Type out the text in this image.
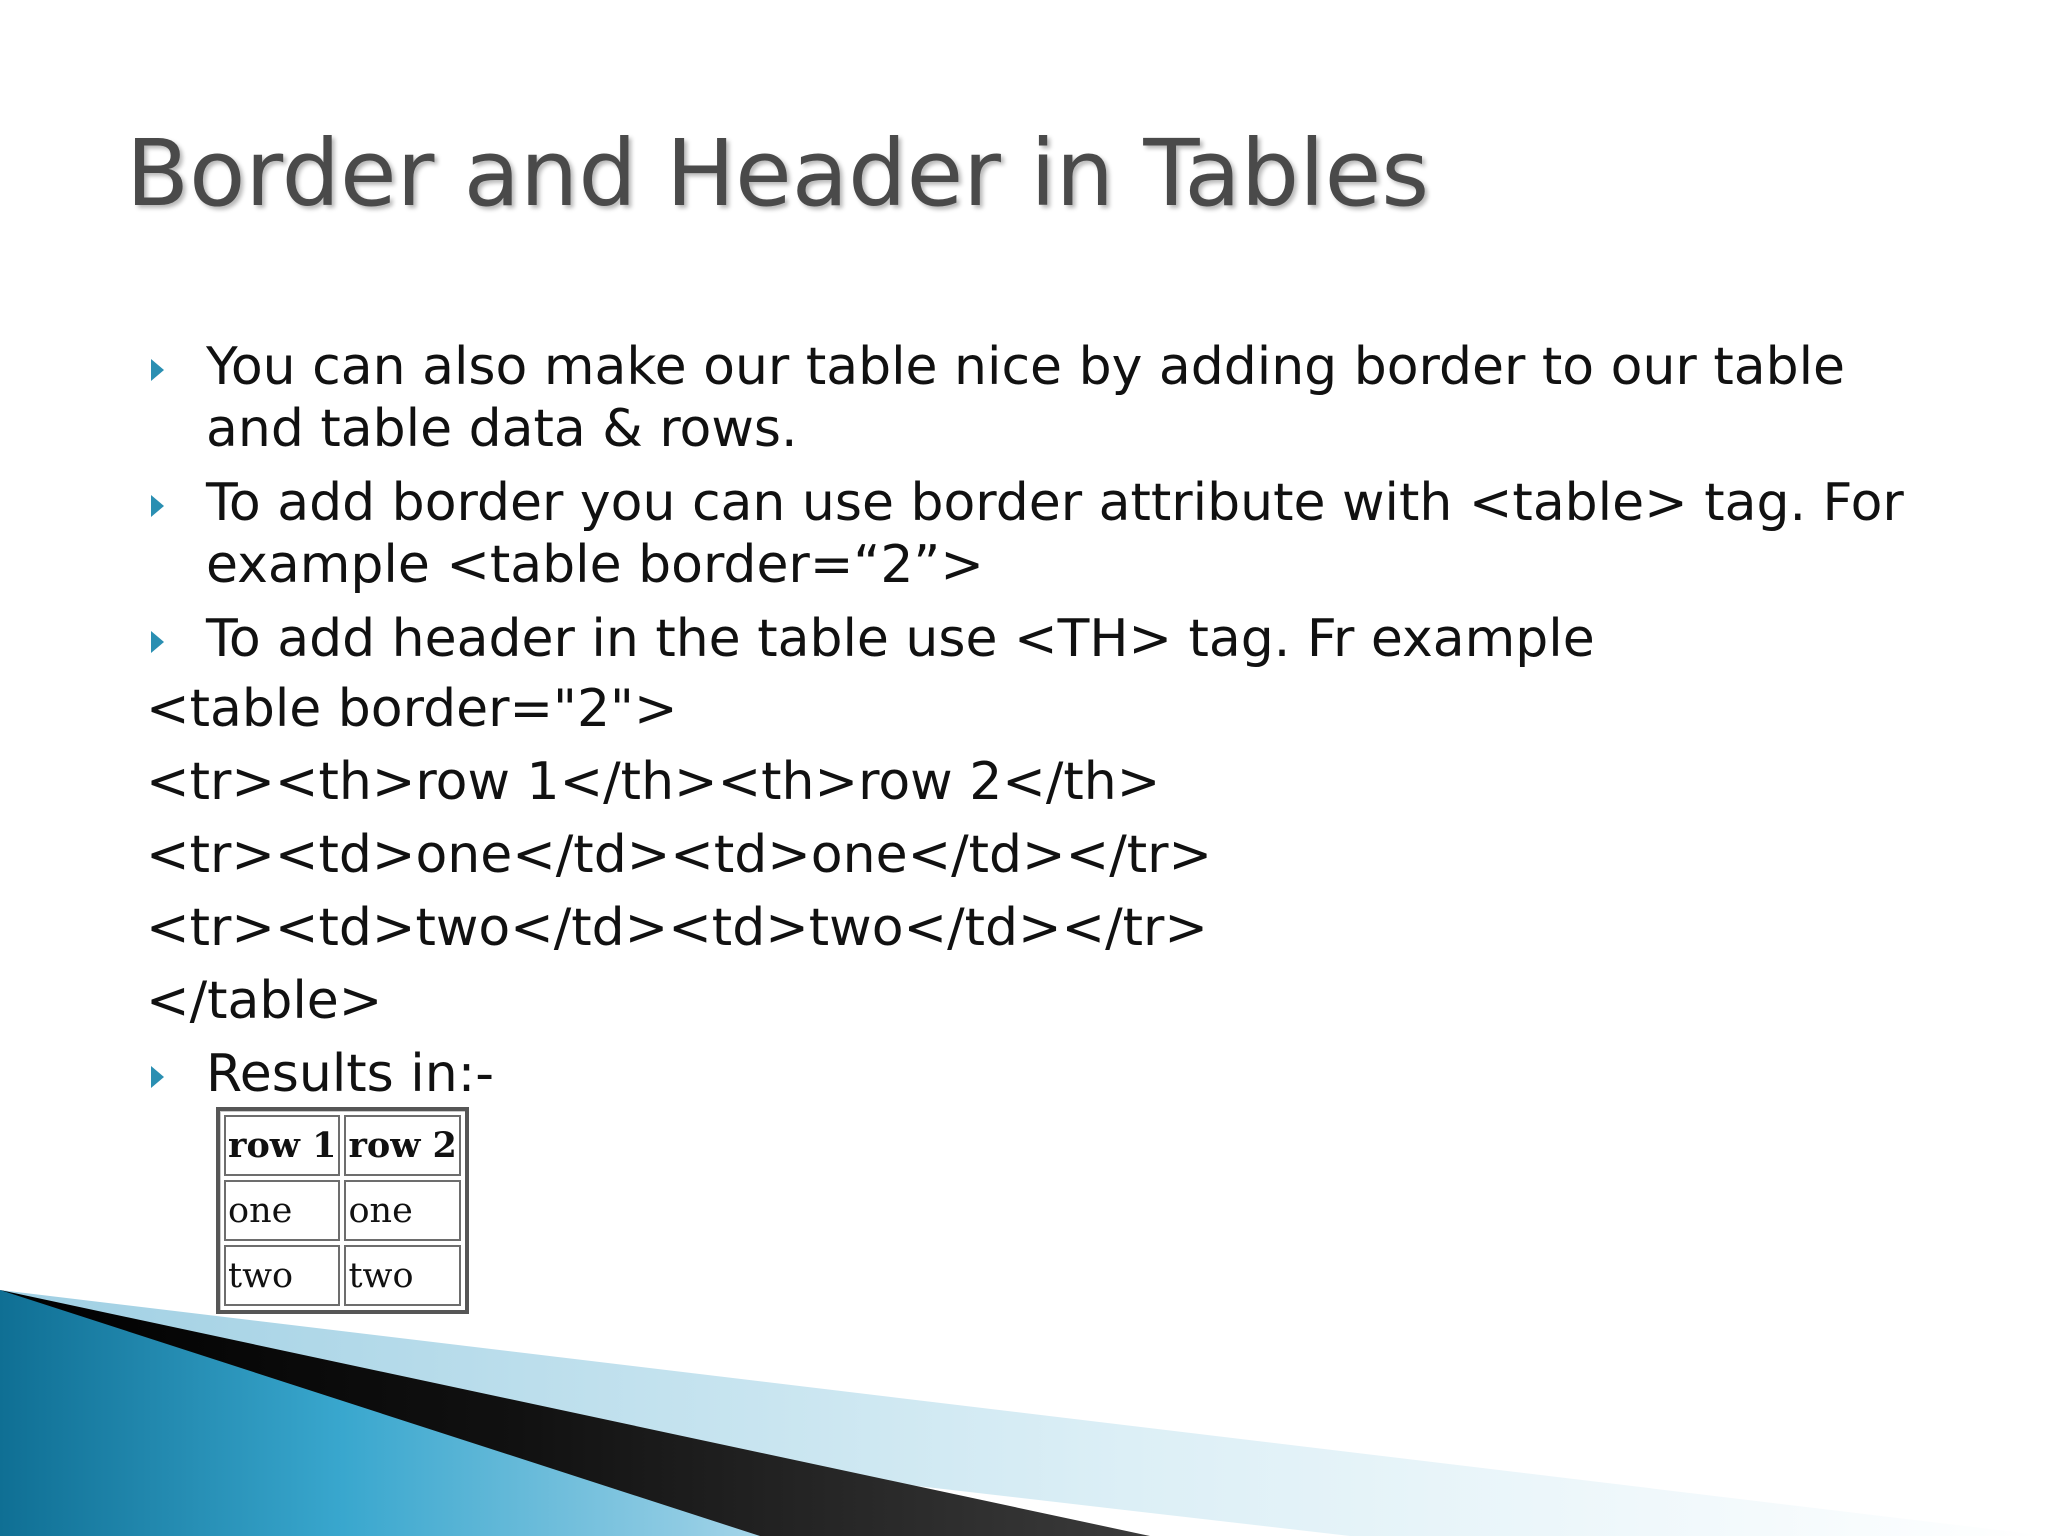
Border and Header in Tables
You can also make our table nice by adding border to our table and table data & rows.
To add border you can use border attribute with <table> tag. For example <table border=“2”>
To add header in the table use <TH> tag. Fr example
<table border="2">
<tr><th>row 1</th><th>row 2</th>
<tr><td>one</td><td>one</td></tr>
<tr><td>two</td><td>two</td></tr>
</table>
Results in:-
row 1	row 2
one	one
two	two
